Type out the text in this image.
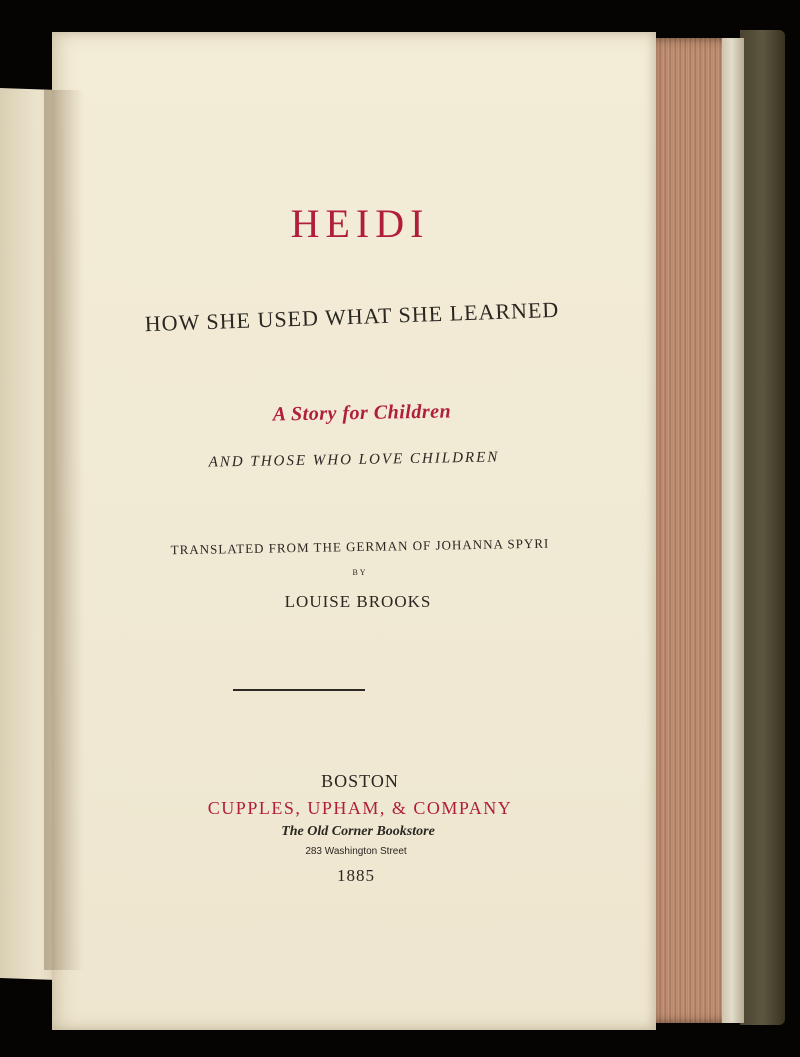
HEIDI
HOW SHE USED WHAT SHE LEARNED
A Story for Children
AND THOSE WHO LOVE CHILDREN
TRANSLATED FROM THE GERMAN OF JOHANNA SPYRI
BY
LOUISE BROOKS
BOSTON
CUPPLES, UPHAM, & COMPANY
The Old Corner Bookstore
283 Washington Street
1885
